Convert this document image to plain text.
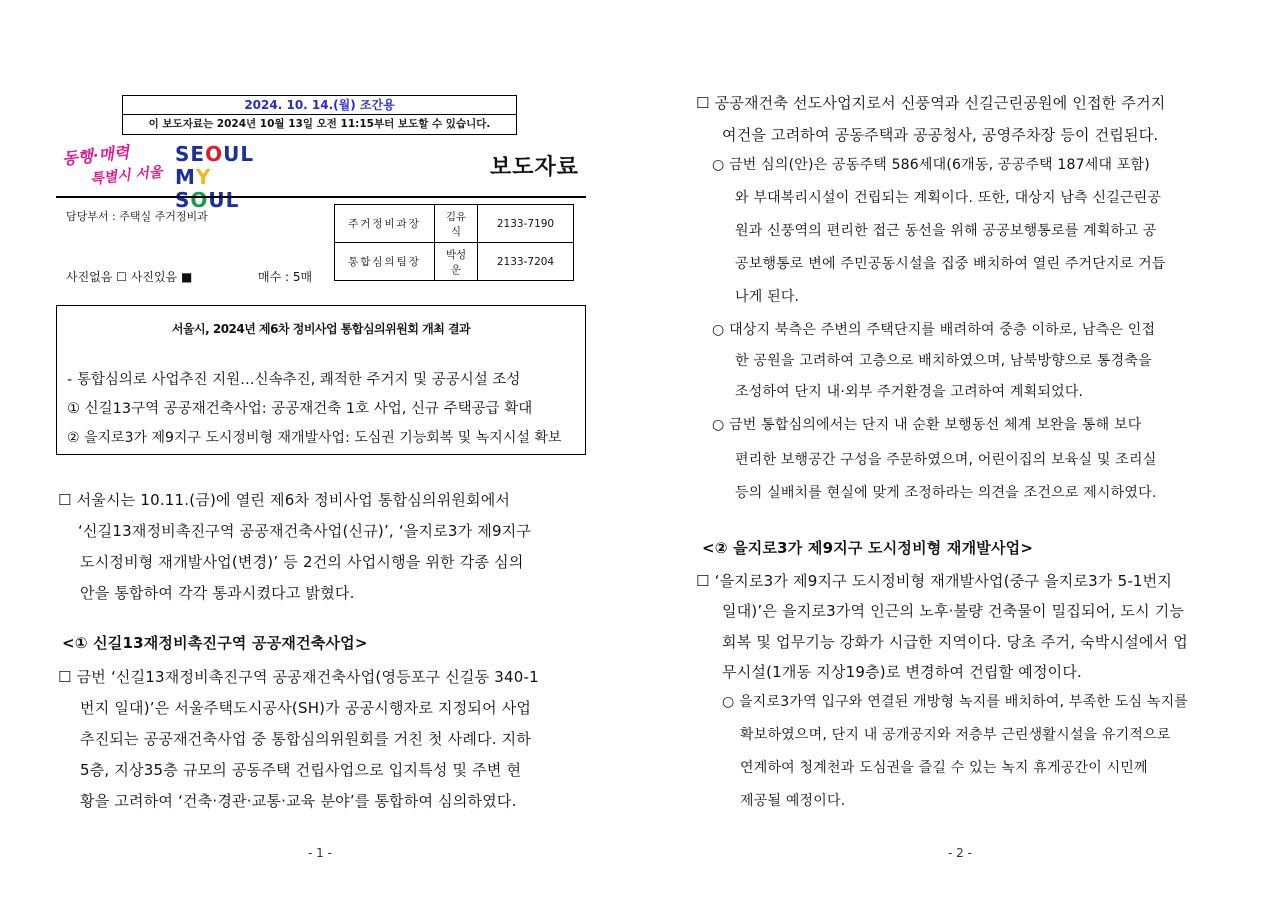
2024. 10. 14.(월) 조간용
이 보도자료는 2024년 10월 13일 오전 11:15부터 보도할 수 있습니다.
동행·매력
특별시 서울
SEOUL
MY SOUL
보도자료
담당부서 : 주택실 주거정비과
사진없음 ☐ 사진있음 ■	매수 : 5매
주거정비과장	김유식	2133-7190
통합심의팀장	박성운	2133-7204
서울시, 2024년 제6차 정비사업 통합심의위원회 개최 결과
- 통합심의로 사업추진 지원…신속추진, 쾌적한 주거지 및 공공시설 조성
① 신길13구역 공공재건축사업: 공공재건축 1호 사업, 신규 주택공급 확대
② 을지로3가 제9지구 도시정비형 재개발사업: 도심권 기능회복 및 녹지시설 확보
☐ 서울시는 10.11.(금)에 열린 제6차 정비사업 통합심의위원회에서
‘신길13재정비촉진구역 공공재건축사업(신규)’, ‘을지로3가 제9지구
도시정비형 재개발사업(변경)’ 등 2건의 사업시행을 위한 각종 심의
안을 통합하여 각각 통과시켰다고 밝혔다.
<① 신길13재정비촉진구역 공공재건축사업>
☐ 금번 ‘신길13재정비촉진구역 공공재건축사업(영등포구 신길동 340-1
번지 일대)’은 서울주택도시공사(SH)가 공공시행자로 지정되어 사업
추진되는 공공재건축사업 중 통합심의위원회를 거친 첫 사례다. 지하
5층, 지상35층 규모의 공동주택 건립사업으로 입지특성 및 주변 현
황을 고려하여 ‘건축·경관·교통·교육 분야’를 통합하여 심의하였다.
- 1 -
☐ 공공재건축 선도사업지로서 신풍역과 신길근린공원에 인접한 주거지
여건을 고려하여 공동주택과 공공청사, 공영주차장 등이 건립된다.
○ 금번 심의(안)은 공동주택 586세대(6개동, 공공주택 187세대 포함)
와 부대복리시설이 건립되는 계획이다. 또한, 대상지 남측 신길근린공
원과 신풍역의 편리한 접근 동선을 위해 공공보행통로를 계획하고 공
공보행통로 변에 주민공동시설을 집중 배치하여 열린 주거단지로 거듭
나게 된다.
○ 대상지 북측은 주변의 주택단지를 배려하여 중층 이하로, 남측은 인접
한 공원을 고려하여 고층으로 배치하였으며, 남북방향으로 통경축을
조성하여 단지 내·외부 주거환경을 고려하여 계획되었다.
○ 금번 통합심의에서는 단지 내 순환 보행동선 체계 보완을 통해 보다
편리한 보행공간 구성을 주문하였으며, 어린이집의 보육실 및 조리실
등의 실배치를 현실에 맞게 조정하라는 의견을 조건으로 제시하였다.
<② 을지로3가 제9지구 도시정비형 재개발사업>
☐ ‘을지로3가 제9지구 도시정비형 재개발사업(중구 을지로3가 5-1번지
일대)’은 을지로3가역 인근의 노후·불량 건축물이 밀집되어, 도시 기능
회복 및 업무기능 강화가 시급한 지역이다. 당초 주거, 숙박시설에서 업
무시설(1개동 지상19층)로 변경하여 건립할 예정이다.
○ 을지로3가역 입구와 연결된 개방형 녹지를 배치하여, 부족한 도심 녹지를
확보하였으며, 단지 내 공개공지와 저층부 근린생활시설을 유기적으로
연계하여 청계천과 도심권을 즐길 수 있는 녹지 휴게공간이 시민께
제공될 예정이다.
- 2 -
